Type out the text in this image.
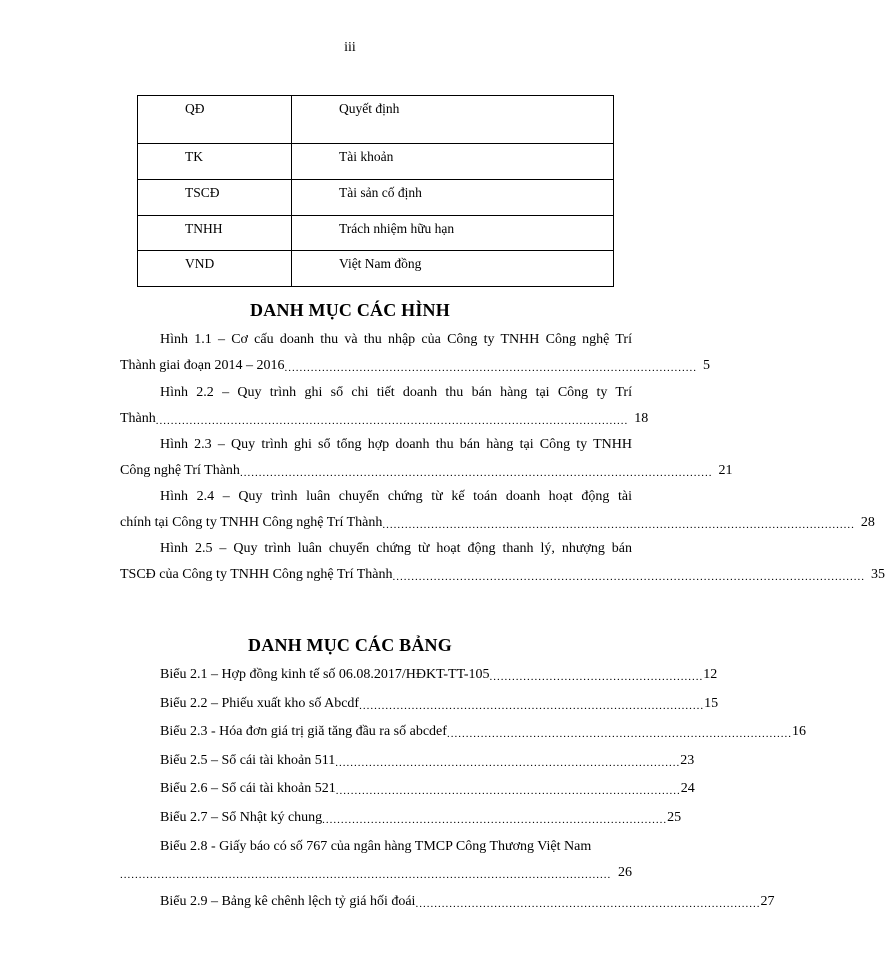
iii
QĐ	Quyết định

TK	Tài khoản

TSCĐ	Tài sản cố định

TNHH	Trách nhiệm hữu hạn

VND	Việt Nam đồng
DANH MỤC CÁC HÌNH
Hình 1.1 – Cơ cấu doanh thu và thu nhập của Công ty TNHH Công nghệ Trí
Thành giai đoạn 2014 – 2016 .............................................................................................................. 5
Hình 2.2 – Quy trình ghi sổ chi tiết doanh thu bán hàng tại Công ty Trí
Thành .............................................................................................................................. 18
Hình 2.3 – Quy trình ghi sổ tổng hợp doanh thu bán hàng tại Công ty TNHH
Công nghệ Trí Thành .............................................................................................................................. 21
Hình 2.4 – Quy trình luân chuyển chứng từ kế toán doanh hoạt động tài
chính tại Công ty TNHH Công nghệ Trí Thành .............................................................................................................................. 28
Hình 2.5 – Quy trình luân chuyển chứng từ hoạt động thanh lý, nhượng bán
TSCĐ của Công ty TNHH Công nghệ Trí Thành .............................................................................................................................. 35
DANH MỤC CÁC BẢNG
Biểu 2.1 – Hợp đồng kinh tế số 06.08.2017/HĐKT-TT-105 ......................................................... 12
Biểu 2.2 – Phiếu xuất kho số Abcdf ............................................................................................ 15
Biểu 2.3 - Hóa đơn giá trị giă tăng đầu ra số abcdef ............................................................................................ 16
Biểu 2.5 – Sổ cái tài khoản 511 ............................................................................................ 23
Biểu 2.6 – Sổ cái tài khoản 521 ............................................................................................ 24
Biểu 2.7 – Sổ Nhật ký chung ............................................................................................ 25
Biểu 2.8 - Giấy báo có số 767 của ngân hàng TMCP Công Thương Việt Nam
................................................................................................................................... 26
Biểu 2.9 – Bảng kê chênh lệch tỷ giá hối đoái ............................................................................................ 27
